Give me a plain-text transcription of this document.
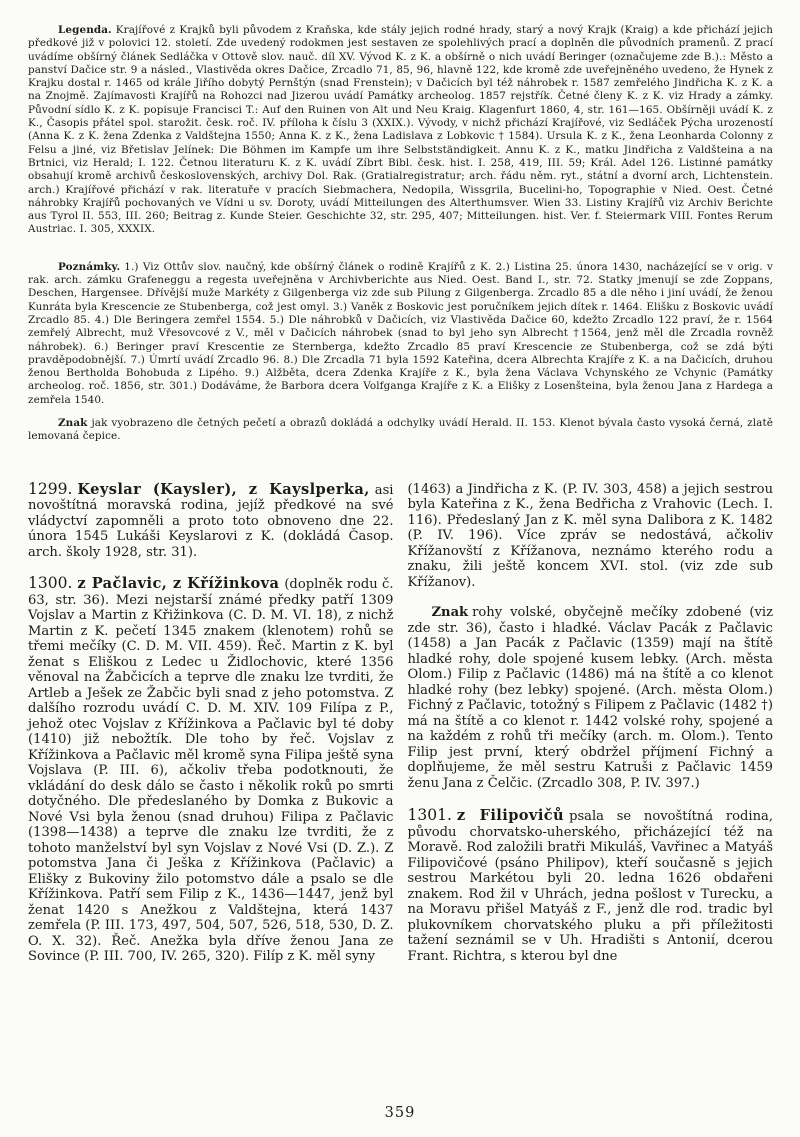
Legenda. Krajířové z Krajků byli původem z Kraňska, kde stály jejich rodné hrady, starý a nový Krajk (Kraig) a kde přichází jejich předkové již v polovici 12. století. Zde uvedený rodokmen jest sestaven ze spolehlivých prací a doplněn dle původních pramenů. Z prací uvádíme obšírný článek Sedláčka v Ottově slov. nauč. díl XV. Vývod K. z K. a obšírně o nich uvádí Beringer (označujeme zde B.).: Město a panství Dačice str. 9 a násled., Vlastivěda okres Dačice, Zrcadlo 71, 85, 96, hlavně 122, kde kromě zde uveřejněného uvedeno, že Hynek z Krajku dostal r. 1465 od krále Jiřího dobytý Pernštýn (snad Frenstein); v Dačicích byl též náhrobek r. 1587 zemřelého Jindřicha K. z K. a na Znojmě. Zajímavosti Krajířů na Rohozci nad Jizerou uvádí Památky archeolog. 1857 rejstřík. Četné členy K. z K. viz Hrady a zámky. Původní sídlo K. z K. popisuje Francisci T.: Auf den Ruinen von Alt und Neu Kraig. Klagenfurt 1860, 4, str. 161—165. Obšírněji uvádí K. z K., Časopis přátel spol. starožit. česk. roč. IV. příloha k číslu 3 (XXIX.). Vývody, v nichž přichází Krajířové, viz Sedláček Pýcha urozeností (Anna K. z K. žena Zdenka z Valdštejna 1550; Anna K. z K., žena Ladislava z Lobkovic † 1584). Ursula K. z K., žena Leonharda Colonny z Felsu a jiné, viz Břetislav Jelínek: Die Böhmen im Kampfe um ihre Selbstständigkeit. Annu K. z K., matku Jindřicha z Valdšteina a na Brtnici, viz Herald; I. 122. Četnou literaturu K. z K. uvádí Zíbrt Bibl. česk. hist. I. 258, 419, III. 59; Král. Adel 126. Listinné památky obsahují kromě archivů československých, archivy Dol. Rak. (Gratialregistratur; arch. řádu něm. ryt., státní a dvorní arch, Lichtenstein. arch.) Krajířové přichází v rak. literatuře v pracích Siebmachera, Nedopila, Wissgrila, Bucelini-ho, Topographie v Nied. Oest. Četné náhrobky Krajířů pochovaných ve Vídni u sv. Doroty, uvádí Mitteilungen des Alterthumsver. Wien 33. Listiny Krajířů viz Archiv Berichte aus Tyrol II. 553, III. 260; Beitrag z. Kunde Steier. Geschichte 32, str. 295, 407; Mitteilungen. hist. Ver. f. Steiermark VIII. Fontes Rerum Austriac. I. 305, XXXIX.

Poznámky. 1.) Viz Ottův slov. naučný, kde obšírný článek o rodině Krajířů z K. 2.) Listina 25. února 1430, nacházející se v orig. v rak. arch. zámku Grafeneggu a regesta uveřejněna v Archivberichte aus Nied. Oest. Band I., str. 72. Statky jmenují se zde Zoppans, Deschen, Hargensee. Dřívější muže Markéty z Gilgenberga viz zde sub Pilung z Gilgenberga. Zrcadlo 85 a dle něho i jiní uvádí, že ženou Kunráta byla Krescencie ze Stubenberga, což jest omyl. 3.) Vaněk z Boskovic jest poručníkem jejich dítek r. 1464. Elišku z Boskovic uvádí Zrcadlo 85. 4.) Dle Beringera zemřel 1554. 5.) Dle náhrobků v Dačicích, viz Vlastivěda Dačice 60, kdežto Zrcadlo 122 praví, že r. 1564 zemřelý Albrecht, muž Vřesovcové z V., měl v Dačicích náhrobek (snad to byl jeho syn Albrecht †1564, jenž měl dle Zrcadla rovněž náhrobek). 6.) Beringer praví Krescentie ze Sternberga, kdežto Zrcadlo 85 praví Krescencie ze Stubenberga, což se zdá býti pravděpodobnější. 7.) Úmrtí uvádí Zrcadlo 96. 8.) Dle Zrcadla 71 byla 1592 Kateřina, dcera Albrechta Krajíře z K. a na Dačicích, druhou ženou Bertholda Bohobuda z Lipého. 9.) Alžběta, dcera Zdenka Krajíře z K., byla žena Václava Vchynského ze Vchynic (Památky archeolog. roč. 1856, str. 301.) Dodáváme, že Barbora dcera Volfganga Krajíře z K. a Elišky z Losenšteina, byla ženou Jana z Hardega a zemřela 1540.

Znak jak vyobrazeno dle četných pečetí a obrazů dokládá a odchylky uvádí Herald. II. 153. Klenot bývala často vysoká černá, zlatě lemovaná čepice.

1299. Keyslar (Kaysler), z Kayslperka, asi novoštítná moravská rodina, jejíž předkové na své vládyctví zapomněli a proto toto obnoveno dne 22. února 1545 Lukáši Keyslarovi z K. (dokládá Časop. arch. školy 1928, str. 31).

1300. z Pačlavic, z Křížinkova (doplněk rodu č. 63, str. 36). Mezi nejstarší známé předky patří 1309 Vojslav a Martin z Křižinkova (C. D. M. VI. 18), z nichž Martin z K. pečetí 1345 znakem (klenotem) rohů se třemi mečíky (C. D. M. VII. 459). Řeč. Martin z K. byl ženat s Eliškou z Ledec u Židlochovic, které 1356 věnoval na Žabčicích a teprve dle znaku lze tvrditi, že Artleb a Ješek ze Žabčic byli snad z jeho potomstva. Z dalšího rozrodu uvádí C. D. M. XIV. 109 Filípa z P., jehož otec Vojslav z Křížinkova a Pačlavic byl té doby (1410) již nebožtík. Dle toho by řeč. Vojslav z Křížinkova a Pačlavic měl kromě syna Filipa ještě syna Vojslava (P. III. 6), ačkoliv třeba podotknouti, že vkládání do desk dálo se často i několik roků po smrti dotyčného. Dle předeslaného by Domka z Bukovic a Nové Vsi byla ženou (snad druhou) Filipa z Pačlavic (1398—1438) a teprve dle znaku lze tvrditi, že z tohoto manželství byl syn Vojslav z Nové Vsi (D. Z.). Z potomstva Jana či Ješka z Křížinkova (Pačlavic) a Elišky z Bukoviny žilo potomstvo dále a psalo se dle Křížinkova. Patří sem Filip z K., 1436—1447, jenž byl ženat 1420 s Anežkou z Valdštejna, která 1437 zemřela (P. III. 173, 497, 504, 507, 526, 518, 530, D. Z. O. X. 32). Řeč. Anežka byla dříve ženou Jana ze Sovince (P. III. 700, IV. 265, 320). Filíp z K. měl syny

(1463) a Jindřicha z K. (P. IV. 303, 458) a jejich sestrou byla Kateřina z K., žena Bedřicha z Vrahovic (Lech. I. 116). Předeslaný Jan z K. měl syna Dalibora z K. 1482 (P. IV. 196). Více zpráv se nedostává, ačkoliv Křížanovští z Křížanova, neznámo kterého rodu a znaku, žili ještě koncem XVI. stol. (viz zde sub Křížanov).

Znak rohy volské, obyčejně mečíky zdobené (viz zde str. 36), často i hladké. Václav Pacák z Pačlavic (1458) a Jan Pacák z Pačlavic (1359) mají na štítě hladké rohy, dole spojené kusem lebky. (Arch. města Olom.) Filip z Pačlavic (1486) má na štítě a co klenot hladké rohy (bez lebky) spojené. (Arch. města Olom.) Fichný z Pačlavic, totožný s Filipem z Pačlavic (1482 †) má na štítě a co klenot r. 1442 volské rohy, spojené a na každém z rohů tři mečíky (arch. m. Olom.). Tento Filip jest první, který obdržel příjmení Fichný a doplňujeme, že měl sestru Katruši z Pačlavic 1459 ženu Jana z Čelčic. (Zrcadlo 308, P. IV. 397.)

1301. z Filipovičů psala se novoštítná rodina, původu chorvatsko-uherského, přicházející též na Moravě. Rod založili bratři Mikuláš, Vavřinec a Matyáš Filipovičové (psáno Philipov), kteří současně s jejich sestrou Markétou byli 20. ledna 1626 obdařeni znakem. Rod žil v Uhrách, jedna pošlost v Turecku, a na Moravu přišel Matyáš z F., jenž dle rod. tradic byl plukovníkem chorvatského pluku a při příležitosti tažení seznámil se v Uh. Hradišti s Antonií, dcerou Frant. Richtra, s kterou byl dne

359
